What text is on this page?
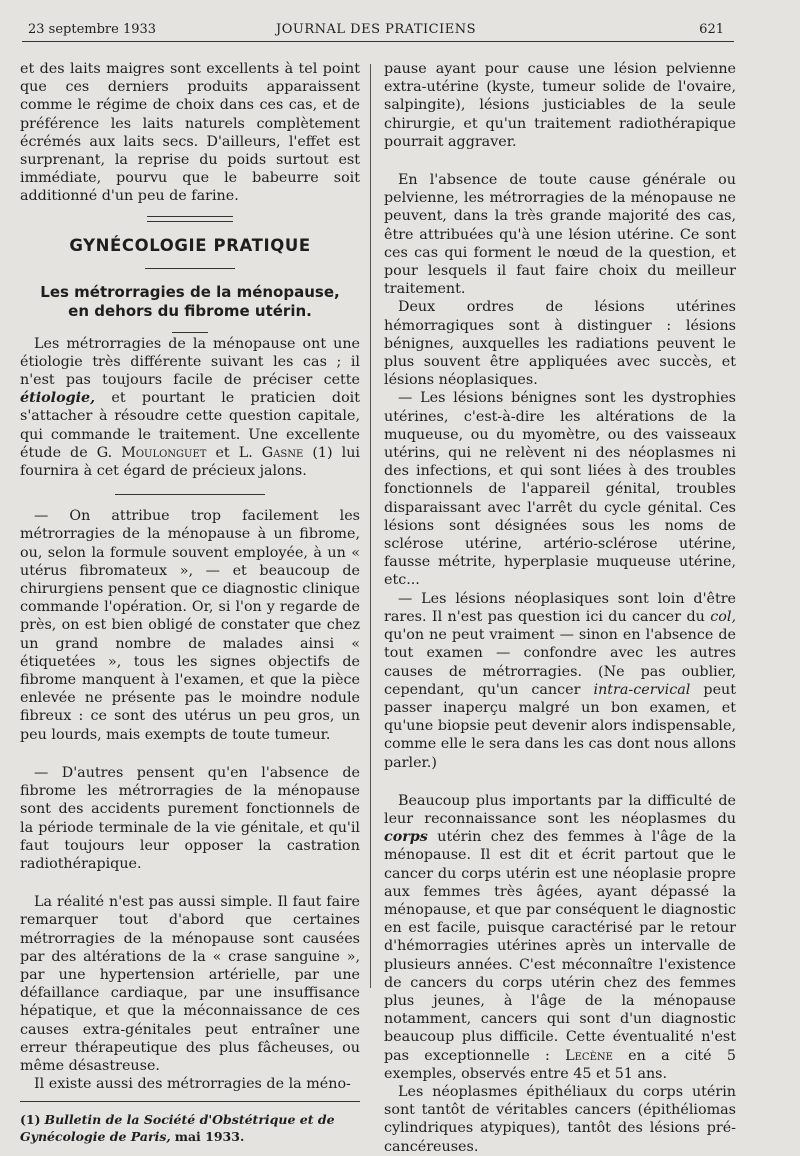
23 septembre 1933	JOURNAL DES PRATICIENS	621

et des laits maigres sont excellents à tel point que ces derniers produits apparaissent comme le régime de choix dans ces cas, et de préférence les laits naturels complètement écrémés aux laits secs. D'ailleurs, l'effet est surprenant, la reprise du poids surtout est immédiate, pourvu que le babeurre soit additionné d'un peu de farine.

GYNÉCOLOGIE PRATIQUE

Les métrorragies de la ménopause,
en dehors du fibrome utérin.

Les métrorragies de la ménopause ont une étiologie très différente suivant les cas ; il n'est pas toujours facile de préciser cette étiologie, et pourtant le praticien doit s'attacher à résoudre cette question capitale, qui commande le traitement. Une excellente étude de G. Moulonguet et L. Gasne (1) lui fournira à cet égard de précieux jalons.

— On attribue trop facilement les métrorragies de la ménopause à un fibrome, ou, selon la formule souvent employée, à un « utérus fibromateux », — et beaucoup de chirurgiens pensent que ce diagnostic clinique commande l'opération. Or, si l'on y regarde de près, on est bien obligé de constater que chez un grand nombre de malades ainsi « étiquetées », tous les signes objectifs de fibrome manquent à l'examen, et que la pièce enlevée ne présente pas le moindre nodule fibreux : ce sont des utérus un peu gros, un peu lourds, mais exempts de toute tumeur.

— D'autres pensent qu'en l'absence de fibrome les métrorragies de la ménopause sont des accidents purement fonctionnels de la période terminale de la vie génitale, et qu'il faut toujours leur opposer la castration radiothérapique.

La réalité n'est pas aussi simple. Il faut faire remarquer tout d'abord que certaines métrorragies de la ménopause sont causées par des altérations de la « crase sanguine », par une hypertension artérielle, par une défaillance cardiaque, par une insuffisance hépatique, et que la méconnaissance de ces causes extra-génitales peut entraîner une erreur thérapeutique des plus fâcheuses, ou même désastreuse.

Il existe aussi des métrorragies de la méno-

(1) Bulletin de la Société d'Obstétrique et de Gynécologie de Paris, mai 1933.

pause ayant pour cause une lésion pelvienne extra-utérine (kyste, tumeur solide de l'ovaire, salpingite), lésions justiciables de la seule chirurgie, et qu'un traitement radiothérapique pourrait aggraver.

En l'absence de toute cause générale ou pelvienne, les métrorragies de la ménopause ne peuvent, dans la très grande majorité des cas, être attribuées qu'à une lésion utérine. Ce sont ces cas qui forment le nœud de la question, et pour lesquels il faut faire choix du meilleur traitement.

Deux ordres de lésions utérines hémorragiques sont à distinguer : lésions bénignes, auxquelles les radiations peuvent le plus souvent être appliquées avec succès, et lésions néoplasiques.

— Les lésions bénignes sont les dystrophies utérines, c'est-à-dire les altérations de la muqueuse, ou du myomètre, ou des vaisseaux utérins, qui ne relèvent ni des néoplasmes ni des infections, et qui sont liées à des troubles fonctionnels de l'appareil génital, troubles disparaissant avec l'arrêt du cycle génital. Ces lésions sont désignées sous les noms de sclérose utérine, artério-sclérose utérine, fausse métrite, hyperplasie muqueuse utérine, etc...

— Les lésions néoplasiques sont loin d'être rares. Il n'est pas question ici du cancer du col, qu'on ne peut vraiment — sinon en l'absence de tout examen — confondre avec les autres causes de métrorragies. (Ne pas oublier, cependant, qu'un cancer intra-cervical peut passer inaperçu malgré un bon examen, et qu'une biopsie peut devenir alors indispensable, comme elle le sera dans les cas dont nous allons parler.)

Beaucoup plus importants par la difficulté de leur reconnaissance sont les néoplasmes du corps utérin chez des femmes à l'âge de la ménopause. Il est dit et écrit partout que le cancer du corps utérin est une néoplasie propre aux femmes très âgées, ayant dépassé la ménopause, et que par conséquent le diagnostic en est facile, puisque caractérisé par le retour d'hémorragies utérines après un intervalle de plusieurs années. C'est méconnaître l'existence de cancers du corps utérin chez des femmes plus jeunes, à l'âge de la ménopause notamment, cancers qui sont d'un diagnostic beaucoup plus difficile. Cette éventualité n'est pas exceptionnelle : Lecène en a cité 5 exemples, observés entre 45 et 51 ans.

Les néoplasmes épithéliaux du corps utérin sont tantôt de véritables cancers (épithéliomas cylindriques atypiques), tantôt des lésions pré-cancéreuses.
